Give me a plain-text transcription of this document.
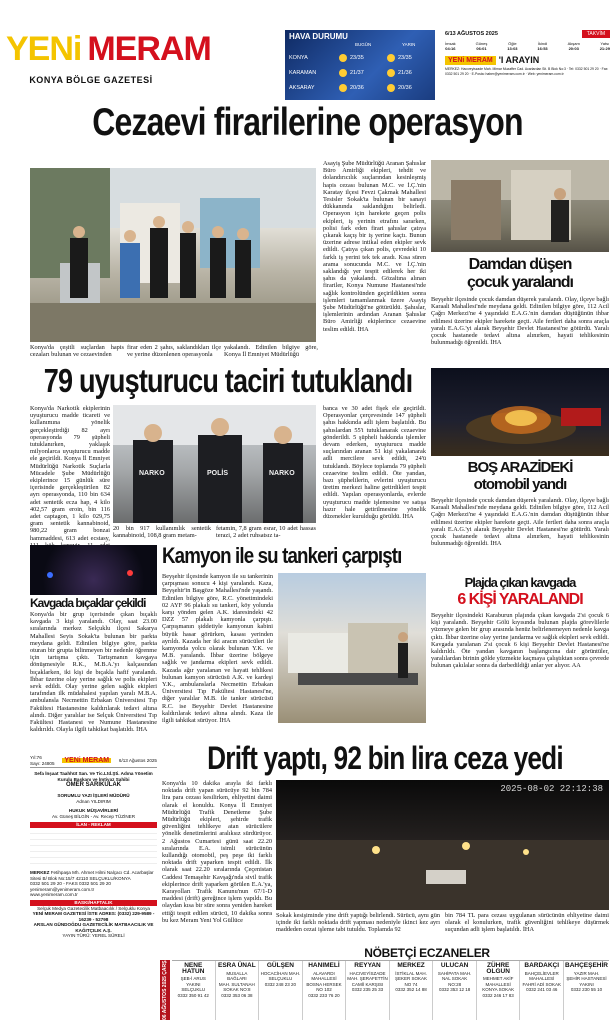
YENi MERAM
KONYA BÖLGE GAZETESİ
HAVA DURUMU
BUGÜN	YARIN
KONYA	23/35	23/35
KARAMAN	21/37	21/36
AKSARAY	20/36	20/36
6/13 AĞUSTOS 2025	TAKVİM
İmsak
04:16
Güneş
06:01
Öğle
13:03
İkindi
16:53
Akşam
20:03
Yatsı
21:29
YENi MERAM 'I ARAYIN
MERKEZ: Hacıveyiszade Mah. Mimar Muzaffer Cad. Acarlardan Sit. B Blok No:3 · Tel: 0332 501 29 20 · Fax: 0332 501 29 20 · E-Posta: haber@yenimeram.com.tr · Web: yenimeram.com.tr
Cezaevi firarilerine operasyon
Konya'da çeşitli suçlardan hapis cezaları bulunan ve cezaevinden
firar eden 2 şahıs, saklandıkları ilçe ve yerine düzenlenen operasyonla
yakalandı. Edinilen bilgiye göre, Konya İl Emniyet Müdürlüğü
Asayiş Şube Müdürlüğü Aranan Şahıslar Büro Amirliği ekipleri, tehdit ve dolandırıcılık suçlarından kesinleşmiş hapis cezası bulunan M.C. ve İ.Ç.'nin Karatay ilçesi Fevzi Çakmak Mahallesi Tesisler Sokak'ta bulunan bir sanayi dükkanında saklandığını belirledi. Operasyon için harekete geçen polis ekipleri, iş yerinin etrafını sararken, polisi fark eden firari şahıslar çatıya çıkarak kaçış bir iş yerine kaçtı. Bunun üzerine adrese intikal eden ekipler sevk edildi. Çatıya çıkan polis, çevredeki 10 farklı iş yerini tek tek aradı. Kısa süren arama sonucunda M.C. ve İ.Ç.'nin saklandığı yer tespit edilerek her iki şahıs da yakalandı. Gözaltına alınan firariler, Konya Numune Hastanesi'nde sağlık kontrolünden geçirildikten sonra işlemleri tamamlanmak üzere Asayiş Şube Müdürlüğü'ne götürüldü. Şahıslar, işlemlerinin ardından Aranan Şahıslar Büro Amirliği ekiplerince cezaevine teslim edildi. İHA
Damdan düşen
çocuk yaralandı
Beyşehir ilçesinde çocuk damdan düşerek yaralandı. Olay, ilçeye bağlı Karaali Mahallesi'nde meydana geldi. Edinilen bilgiye göre, 112 Acil Çağrı Merkezi'ne 4 yaşındaki E.A.G.'nin damdan düştüğünün ihbar edilmesi üzerine ekipler harekete geçti. Aile fertleri daha sonra araçla yaralı E.A.G.'yi alarak Beyşehir Devlet Hastanesi'ne götürdü. Yaralı çocuk hastanede tedavi altına alınırken, hayati tehlikesinin bulunmadığı öğrenildi. İHA
79 uyuşturucu taciri tutuklandı
Konya'da Narkotik ekiplerinin uyuşturucu madde ticareti ve kullanımına yönelik gerçekleştirdiği 82 ayrı operasyonda 79 şüpheli tutuklanırken, yaklaşık milyonlarca uyuşturucu madde ele geçirildi. Konya İl Emniyet Müdürlüğü Narkotik Suçlarla Mücadele Şube Müdürlüğü ekiplerince 15 günlük süre içerisinde gerçekleştirilen 82 ayrı operasyonda, 110 bin 634 adet sentetik ecza hap, 4 kilo 402,57 gram eroin, bin 116 adet captagon, 1 kilo 029,75 gram sentetik kannabinoid, 980,22 gram bonzai hammaddesi, 613 adet ecstasy,
NARKO	POLİS	NARKO
20 bin 917 kullanımlık sentetik kannabinoid, 108,8 gram metam-
fetamin, 7,8 gram esrar, 10 adet hassas terazi, 2 adet ruhsatsız ta-
banca ve 30 adet fişek ele geçirildi. Operasyonlar çerçevesinde 147 şüpheli şahıs hakkında adli işlem başlatıldı. Bu şahıslardan 55'i tutuklanarak cezaevine gönderildi. 5 şüpheli hakkında işlemler devam ederken, uyuşturucu madde suçlarından aranan 51 kişi yakalanarak adli mercilere sevk edildi, 24'ü tutuklandı. Böylece toplamda 79 şüpheli cezaevine teslim edildi. Öte yandan, bazı şüphelilerin, evlerini uyuşturucu üretim merkezi haline getirdikleri tespit edildi. Yapılan operasyonlarda, evlerde uyuşturucu madde işlemesine ve satışa hazır hale getirilmesine yönelik düzenekler kurulduğu görüldü. İHA
BOŞ ARAZİDEKİ
otomobil yandı
Beyşehir ilçesinde çocuk damdan düşerek yaralandı. Olay, ilçeye bağlı Karaali Mahallesi'nde meydana geldi. Edinilen bilgiye göre, 112 Acil Çağrı Merkezi'ne 4 yaşındaki E.A.G.'nin damdan düştüğünün ihbar edilmesi üzerine ekipler harekete geçti. Aile fertleri daha sonra araçla yaralı E.A.G.'yi alarak Beyşehir Devlet Hastanesi'ne götürdü. Yaralı çocuk hastanede tedavi altına alınırken, hayati tehlikesinin bulunmadığı öğrenildi. İHA
Plajda çıkan kavgada
6 KİŞİ YARALANDI
Beyşehir ilçesindeki Karaburun plajında çıkan kavgada 2'si çocuk 6 kişi yaralandı. Beyşehir Gölü kıyısında bulunan plajda görevlilerle yüzmeye gelen bir grup arasında henüz belirlenemeyen nedenle kavga çıktı. İhbar üzerine olay yerine jandarma ve sağlık ekipleri sevk edildi. Kavgada yaralanan 2'si çocuk 6 kişi Beyşehir Devlet Hastanesi'ne kaldırıldı. Öte yandan kavganın başlangıcına dair görüntüler, yaralılardan birinin gölde yüzmekte kaçmaya çalıştıktan sonra çevrede bulunan çakılalar sonra da darbedildiği anlar yer alıyor. AA
Kavgada bıçaklar çekildi
Konya'da bir grup içerisinde çıkan bıçaklı kavgada 3 kişi yaralandı. Olay, saat 23.00 sıralarında merkez Selçuklu ilçesi Sakarya Mahallesi Seyis Sokak'ta bulunan bir parkta meydana geldi. Edinilen bilgiye göre, parkta oturan bir grupta bilinmeyen bir nedenle öğrenme için tartışma çıktı. Tartışmanın kavgaya dönüşmesiyle R.K., M.B.A.'yı kalçasından bıçaklarken, iki kişi de bıçakla hafif yaralandı. İhbar üzerine olay yerine sağlık ve polis ekipleri sevk edildi. Olay yerine gelen sağlık ekipleri tarafından ilk müdahalesi yapılan yaralı M.B.A. ambulansla Necmettin Erbakan Üniversitesi Tıp Fakültesi Hastanesine kaldırılarak tedavi altına alındı. Diğer yaralılar ise Selçuk Üniversitesi Tıp Fakültesi Hastanesi ve Numune Hastanesine kaldırıldı. Olayla ilgili tahkikat başlatıldı. İHA
Kamyon ile su tankeri çarpıştı
Beyşehir ilçesinde kamyon ile su tankerinin çarpışması sonucu 4 kişi yaralandı. Kaza, Beyşehir'in Başgöze Mahallesi'nde yaşandı. Edinilen bilgiye göre, R.C. yönetimindeki 02 AYF 96 plakalı su tankeri, köy yolunda karşı yönden gelen A.K. idaresindeki 42 DZZ 57 plakalı kamyonla çarpıştı. Çarpışmanın şiddetiyle kamyonun kabini büyük hasar görürken, kasası yerinden ayrıldı. Kazada her iki aracın sürücüleri ile kamyonda yolcu olarak bulunan Y.K. ve M.B. yaralandı. İhbar üzerine bölgeye sağlık ve jandarma ekipleri sevk edildi. Kazada ağır yaralanan ve hayati tehlikesi bulunan kamyon sürücüsü A.K. ve kardeşi Y.K., ambulanslarla Necmettin Erbakan Üniversitesi Tıp Fakültesi Hastanesi'ne, diğer yaralılar M.B. ile tanker sürücüsü R.C. ise Beyşehir Devlet Hastanesine kaldırılarak tedavi altına alındı. Kaza ile ilgili tahkikat sürüyor. İHA
Drift yaptı, 92 bin lira ceza yedi
Konya'da 10 dakika arayla iki farklı noktada drift yapan sürücüye 92 bin 784 lira para cezası kesilirken, ehliyetini daimi olarak el konuldu. Konya İl Emniyet Müdürlüğü Trafik Denetleme Şube Müdürlüğü ekipleri, şehirde trafik güvenliğini tehlikeye atan sürücülere yönelik denetimlerini aralıksız sürdürüyor. 2 Ağustos Cumartesi günü saat 22.20 sıralarında E.A. isimli sürücünün kullandığı otomobil, peş peşe iki farklı noktada drift yaparken tespit edildi. İlk olarak saat 22.20 sıralarında Çeçenistan Caddesi Temaşehir Kavşağı'nda sivil trafik ekiplerince drift yaparken görülen E.A.'ya, Karayolları Trafik Kanunu'nun 67/1-D maddesi (drift) gereğince işlem yapıldı. Bu olaydan kısa bir süre sonra yeniden hareket ettiği tespit edilen sürücü, 10 dakika sonra bu kez Meram Yeni Yol Güllüce
2025-08-02 22:12:38
Sokak kesişiminde yine drift yaptığı belirlendi. Sürücü, aynı gün içinde iki farklı noktada drift yapması nedeniyle ikinci kez ayrı maddeden cezai işleme tabi tutuldu. Toplamda 92
bin 784 TL para cezası uygulanan sürücünün ehliyetine daimi olarak el konulurken, trafik güvenliğini tehlikeye düşürmek suçundan adli işlem başlatıldı. İHA
Yıl:76
Sayı: 24805 YENi MERAM	6/13 Ağustos 2025
Sefa İnşaat Taahhüt San. Ve Tic.Ltd.Şti. Adına Yönetim Kurulu Başkanı ve İmtiyaz Sahibi
ÖMER SARIKULAK
SORUMLU YAZI İŞLERİ MÜDÜRÜ
Adnan YILDIRIM
HUKUK MÜŞAVİRLERİ
Av. Güneş BİLGİN - Av. Recep TÜZİNER
İLAN - REKLAM
MERKEZ Fetihpaşa Mh. Ahmet Hilmi Nalçacı Cd. Acarbaşlar Sitesi B/ Blok No:15/7 42110 SELÇUKLU/KONYA
0332 501 29 20 - FAKS 0332 501 29 20
yenimeram@yenimeram.com.tr
www.yenimeram.com.tr
BASKI/HAFTALIK
Selçuk Medya Gazetecilik Matbaacılık / Selçuklu Konya
YENİ MERAM GAZETESİ İSTE ADRES: (0332) 229-9589 - 16239 - 52798
ARSLAN GÜNDOĞDU GAZETECİLİK MATBAACILIK VE KAĞITÇILIK A.Ş.
YAYIN TÜRÜ: YEREL SÜRELİ
NÖBETÇİ ECZANELER
06 AĞUSTOS 2025 ÇARŞAMBA	NENE HATUN
ŞEB-İ ARUS YAKINI
SELÇUKLU
0332 350 91 42
ESRA ÜNAL
MUSALLA BAĞLARI
MAH. SULTANAH
SOKAK NO:8
0332 353 06 38
GÜLŞEN
HOCACİHAN MAH.
SELÇUKLU
0332 248 23 20
HANIMELİ
ALAVARDI MAHALLESİ
BOSNA HERSEK
NO 102
0332 233 76 20
REYYAN
HACIVEYİSZADE
MAH. ŞERAFETTİN
CAMİİ KARŞISI
0332 235 25 33
MERKEZ
İSTİKLAL MAH.
ŞEKER SOKAK
NO 74
0332 352 14 88
ULUCAN
SAHİPATA MAH.
NAL SOKAK
NO:28
0332 353 12 18
ZÜHRE OLGUN
MEHMET AKİF
MAHALLESİ
KONYA SOKAK
0332 246 17 83
BARDAKÇI
BAHÇELİEVLER
MAHALLESİ
FAHRİ ADİ SOKAK
0332 241 03 46
BAHÇEŞEHİR
YAZIR MAH.
ŞEHİR HASTANESİ
YAKINI
0332 230 55 10
